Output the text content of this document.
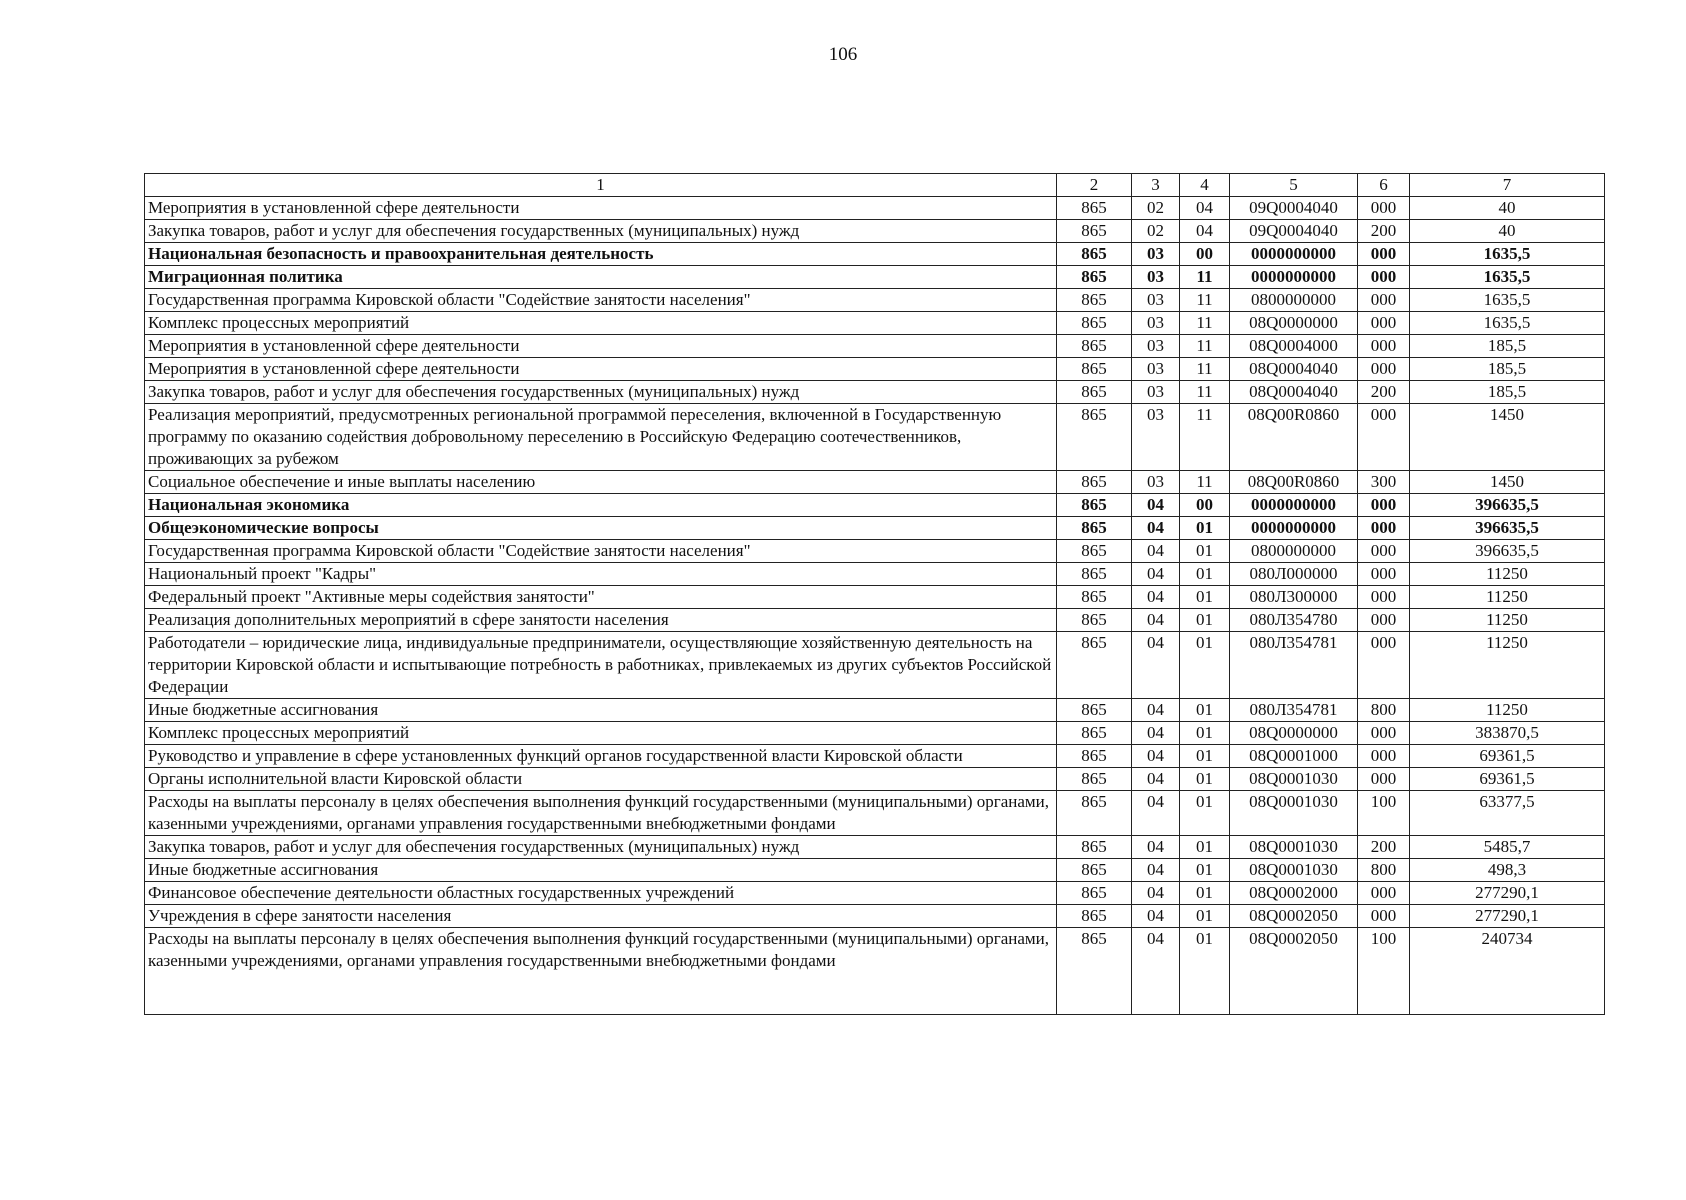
106
1	2	3	4	5	6	7
Мероприятия в установленной сфере деятельности	865	02	04	09Q0004040	000	40
Закупка товаров, работ и услуг для обеспечения государственных (муниципальных) нужд	865	02	04	09Q0004040	200	40
Национальная безопасность и правоохранительная деятельность	865	03	00	0000000000	000	1635,5
Миграционная политика	865	03	11	0000000000	000	1635,5
Государственная программа Кировской области "Содействие занятости населения"	865	03	11	0800000000	000	1635,5
Комплекс процессных мероприятий	865	03	11	08Q0000000	000	1635,5
Мероприятия в установленной сфере деятельности	865	03	11	08Q0004000	000	185,5
Мероприятия в установленной сфере деятельности	865	03	11	08Q0004040	000	185,5
Закупка товаров, работ и услуг для обеспечения государственных (муниципальных) нужд	865	03	11	08Q0004040	200	185,5
Реализация мероприятий, предусмотренных региональной программой переселения, включенной в Государственную программу по оказанию содействия добровольному переселению в Российскую Федерацию соотечественников, проживающих за рубежом	865	03	11	08Q00R0860	000	1450
Социальное обеспечение и иные выплаты населению	865	03	11	08Q00R0860	300	1450
Национальная экономика	865	04	00	0000000000	000	396635,5
Общеэкономические вопросы	865	04	01	0000000000	000	396635,5
Государственная программа Кировской области "Содействие занятости населения"	865	04	01	0800000000	000	396635,5
Национальный проект "Кадры"	865	04	01	080Л000000	000	11250
Федеральный проект "Активные меры содействия занятости"	865	04	01	080Л300000	000	11250
Реализация дополнительных мероприятий в сфере занятости населения	865	04	01	080Л354780	000	11250
Работодатели – юридические лица, индивидуальные предприниматели, осуществляющие хозяйственную деятельность на территории Кировской области и испытывающие потребность в работниках, привлекаемых из других субъектов Российской Федерации	865	04	01	080Л354781	000	11250
Иные бюджетные ассигнования	865	04	01	080Л354781	800	11250
Комплекс процессных мероприятий	865	04	01	08Q0000000	000	383870,5
Руководство и управление в сфере установленных функций органов государственной власти Кировской области	865	04	01	08Q0001000	000	69361,5
Органы исполнительной власти Кировской области	865	04	01	08Q0001030	000	69361,5
Расходы на выплаты персоналу в целях обеспечения выполнения функций государственными (муниципальными) органами, казенными учреждениями, органами управления государственными внебюджетными фондами	865	04	01	08Q0001030	100	63377,5
Закупка товаров, работ и услуг для обеспечения государственных (муниципальных) нужд	865	04	01	08Q0001030	200	5485,7
Иные бюджетные ассигнования	865	04	01	08Q0001030	800	498,3
Финансовое обеспечение деятельности областных государственных учреждений	865	04	01	08Q0002000	000	277290,1
Учреждения в сфере занятости населения	865	04	01	08Q0002050	000	277290,1
Расходы на выплаты персоналу в целях обеспечения выполнения функций государственными (муниципальными) органами, казенными учреждениями, органами управления государственными внебюджетными фондами	865	04	01	08Q0002050	100	240734
